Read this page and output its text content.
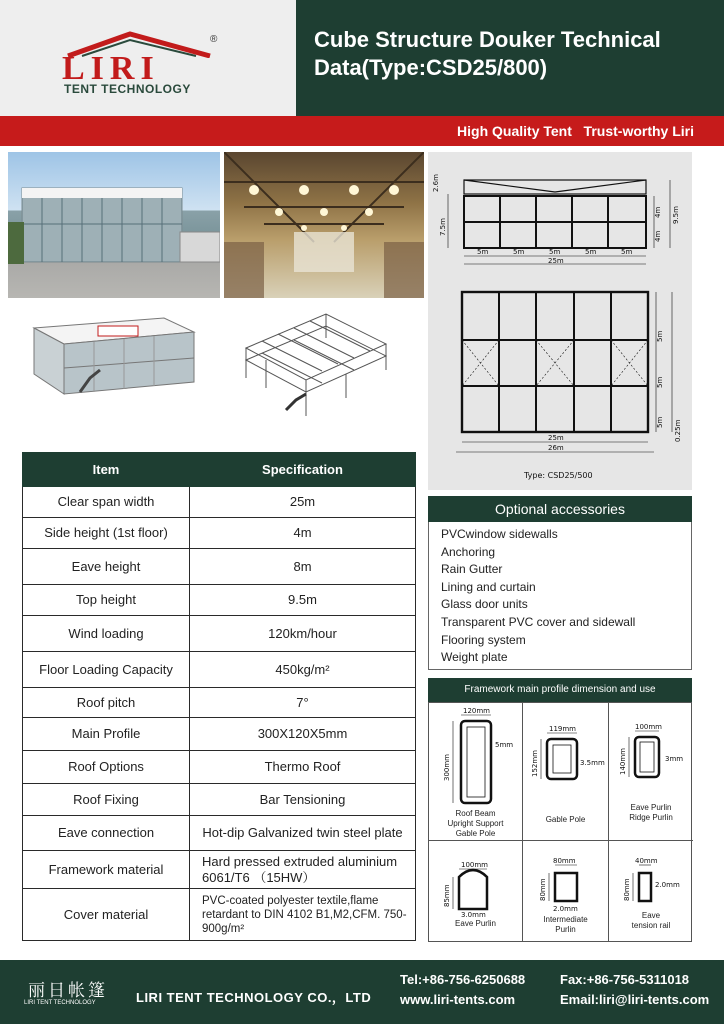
LIRI
®
TENT TECHNOLOGY
Cube Structure Douker Technical
Data(Type:CSD25/800)
High Quality Tent   Trust-worthy Liri
2.6m
7.5m
4m
4m
9.5m
5m	5m	5m	5m	5m
25m
5m
5m
5m 0.25m
25m
26m
Type: CSD25/500
Item	Specification
Clear span width	25m
Side height (1st floor)	4m
Eave height	8m
Top height	9.5m
Wind loading	120km/hour
Floor Loading Capacity	450kg/m²
Roof pitch	7°
Main Profile	300X120X5mm
Roof Options	Thermo Roof
Roof Fixing	Bar Tensioning
Eave connection	Hot-dip Galvanized twin steel plate
Framework material	Hard pressed extruded aluminium 6061/T6 （15HW）
Cover material	PVC-coated polyester textile,flame retardant to DIN 4102 B1,M2,CFM. 750-900g/m²
Optional accessories
PVCwindow sidewalls
Anchoring
Rain Gutter
Lining and curtain
Glass door units
Transparent PVC cover and sidewall
Flooring system
Weight plate
Framework main profile dimension and use
120mm
300mm
5mm
Roof Beam
Upright Support
Gable Pole
119mm
152mm	3.5mm
Gable Pole
100mm
140mm	3mm
Eave Purlin
Ridge Purlin
100mm
85mm
3.0mm
Eave Purlin
80mm
80mm
2.0mm
Intermediate
Purlin
40mm
80mm	2.0mm
Eave
tension rail
丽日帐篷
LIRI TENT TECHNOLOGY	LIRI TENT TECHNOLOGY CO.，LTD
Tel:+86-756-6250688	Fax:+86-756-5311018
www.liri-tents.com	Email:liri@liri-tents.com
